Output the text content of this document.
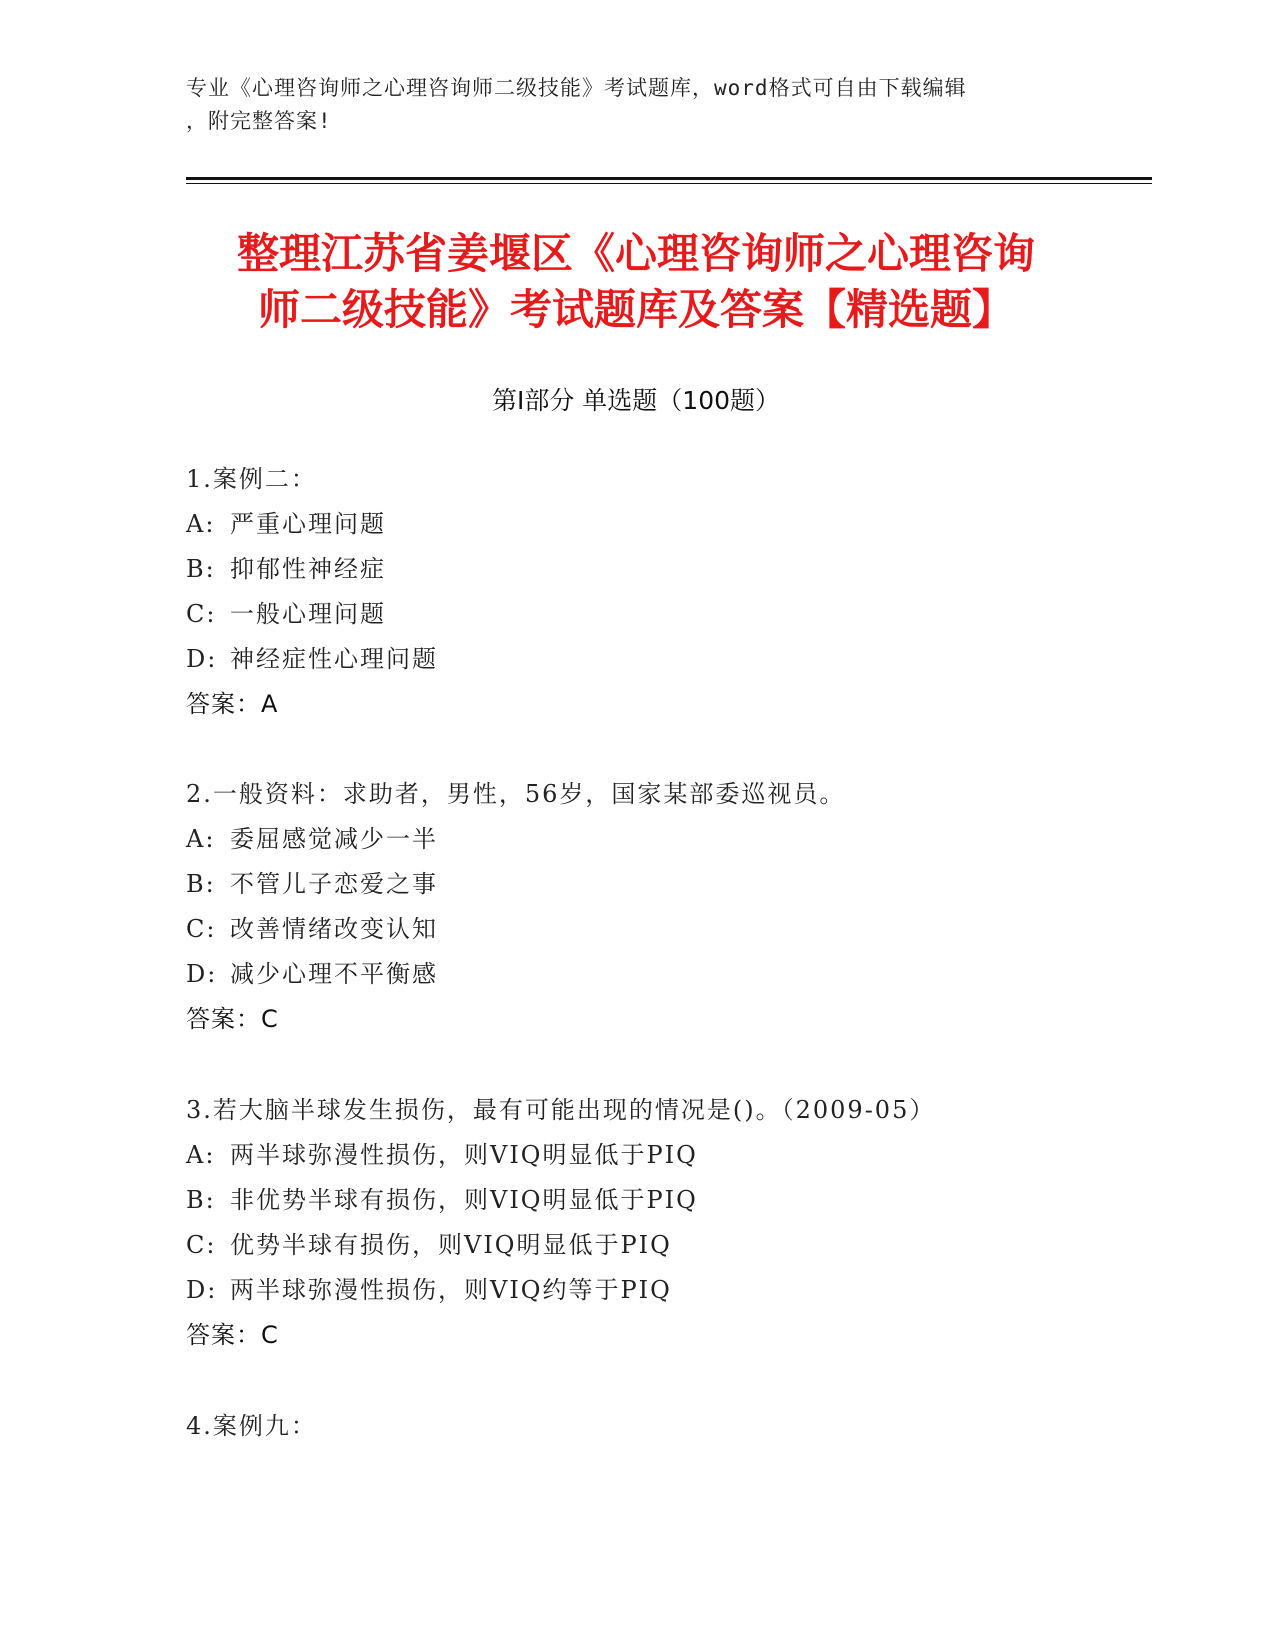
专业《心理咨询师之心理咨询师二级技能》考试题库，word格式可自由下载编辑
，附完整答案!
整理江苏省姜堰区《心理咨询师之心理咨询
师二级技能》考试题库及答案【精选题】
第I部分 单选题（100题）
1.案例二：
A: 严重心理问题
B: 抑郁性神经症
C: 一般心理问题
D: 神经症性心理问题
答案：A
2.一般资料：求助者，男性，56岁，国家某部委巡视员。
A: 委屈感觉减少一半
B: 不管儿子恋爱之事
C: 改善情绪改变认知
D: 减少心理不平衡感
答案：C
3.若大脑半球发生损伤，最有可能出现的情况是()。（2009-05）
A: 两半球弥漫性损伤，则VIQ明显低于PIQ
B: 非优势半球有损伤，则VIQ明显低于PIQ
C: 优势半球有损伤，则VIQ明显低于PIQ
D: 两半球弥漫性损伤，则VIQ约等于PIQ
答案：C
4.案例九：
